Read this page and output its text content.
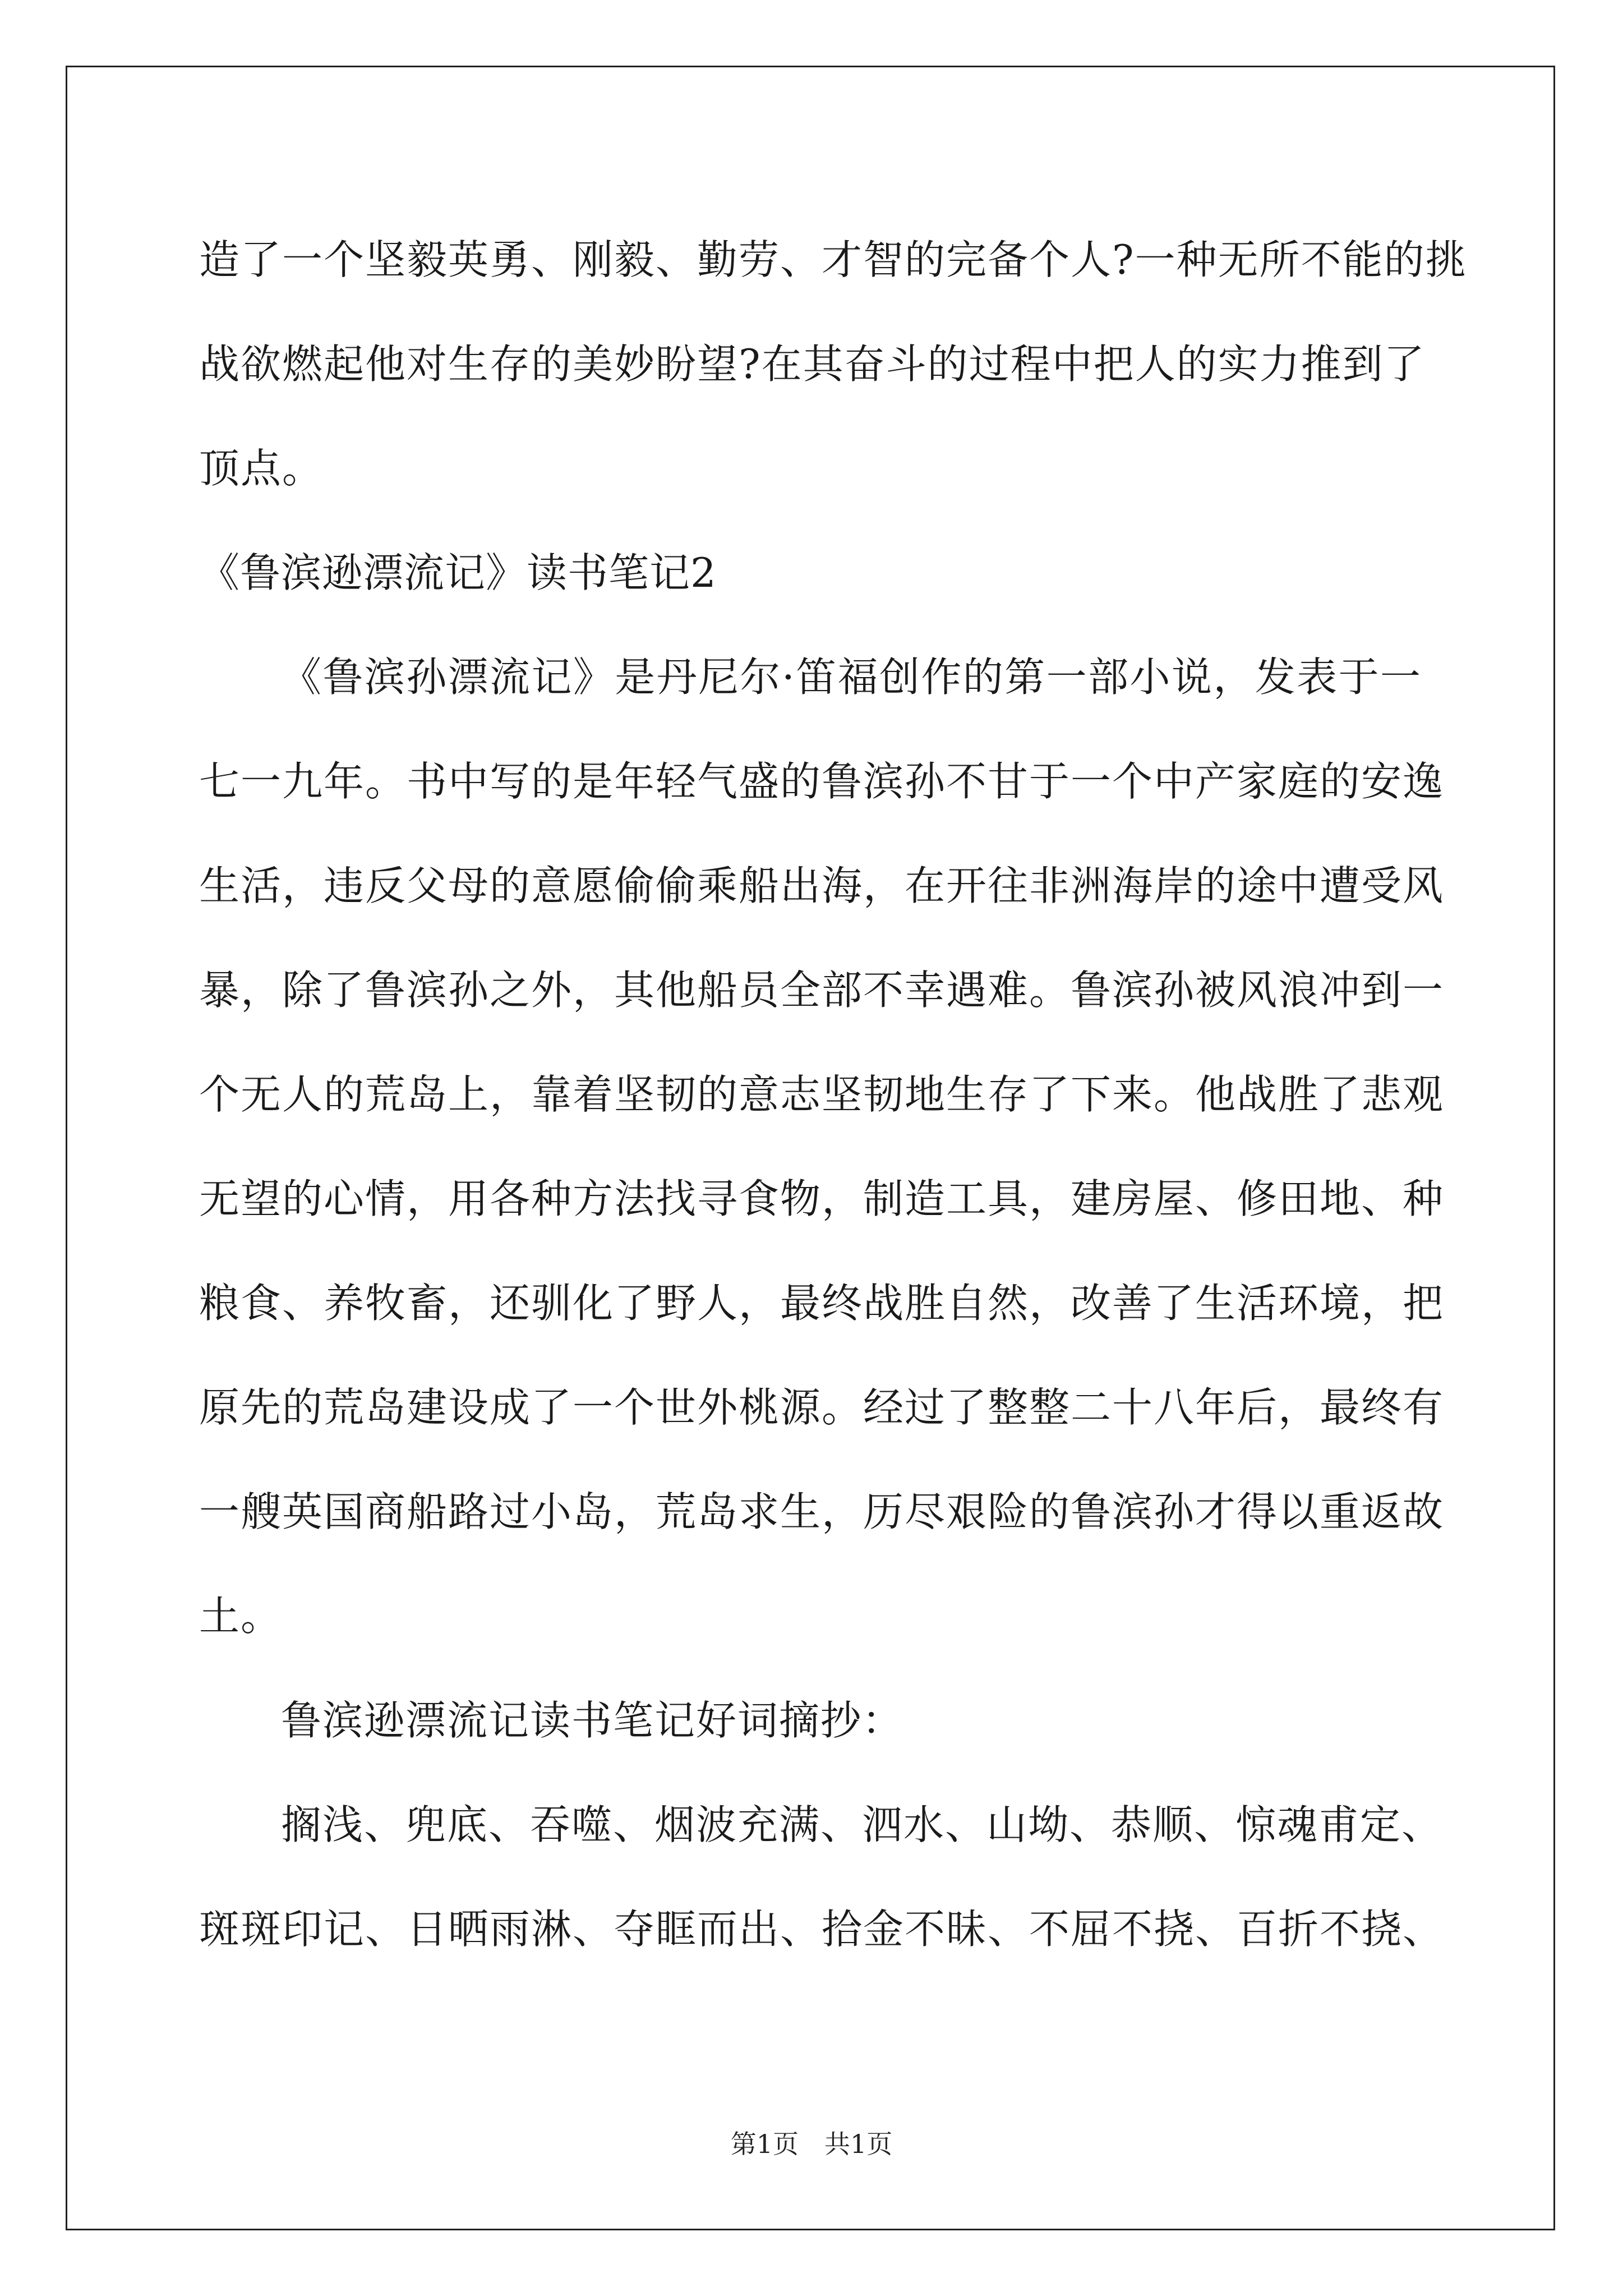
造了一个坚毅英勇、刚毅、勤劳、才智的完备个人?一种无所不能的挑
战欲燃起他对生存的美妙盼望?在其奋斗的过程中把人的实力推到了
顶点。
《鲁滨逊漂流记》读书笔记2
《鲁滨孙漂流记》是丹尼尔·笛福创作的第一部小说，发表于一
七一九年。书中写的是年轻气盛的鲁滨孙不甘于一个中产家庭的安逸
生活，违反父母的意愿偷偷乘船出海，在开往非洲海岸的途中遭受风
暴，除了鲁滨孙之外，其他船员全部不幸遇难。鲁滨孙被风浪冲到一
个无人的荒岛上，靠着坚韧的意志坚韧地生存了下来。他战胜了悲观
无望的心情，用各种方法找寻食物，制造工具，建房屋、修田地、种
粮食、养牧畜，还驯化了野人，最终战胜自然，改善了生活环境，把
原先的荒岛建设成了一个世外桃源。经过了整整二十八年后，最终有
一艘英国商船路过小岛，荒岛求生，历尽艰险的鲁滨孙才得以重返故
土。
鲁滨逊漂流记读书笔记好词摘抄：
搁浅、兜底、吞噬、烟波充满、泗水、山坳、恭顺、惊魂甫定、
斑斑印记、日晒雨淋、夺眶而出、拾金不昧、不屈不挠、百折不挠、
第1页　共1页
